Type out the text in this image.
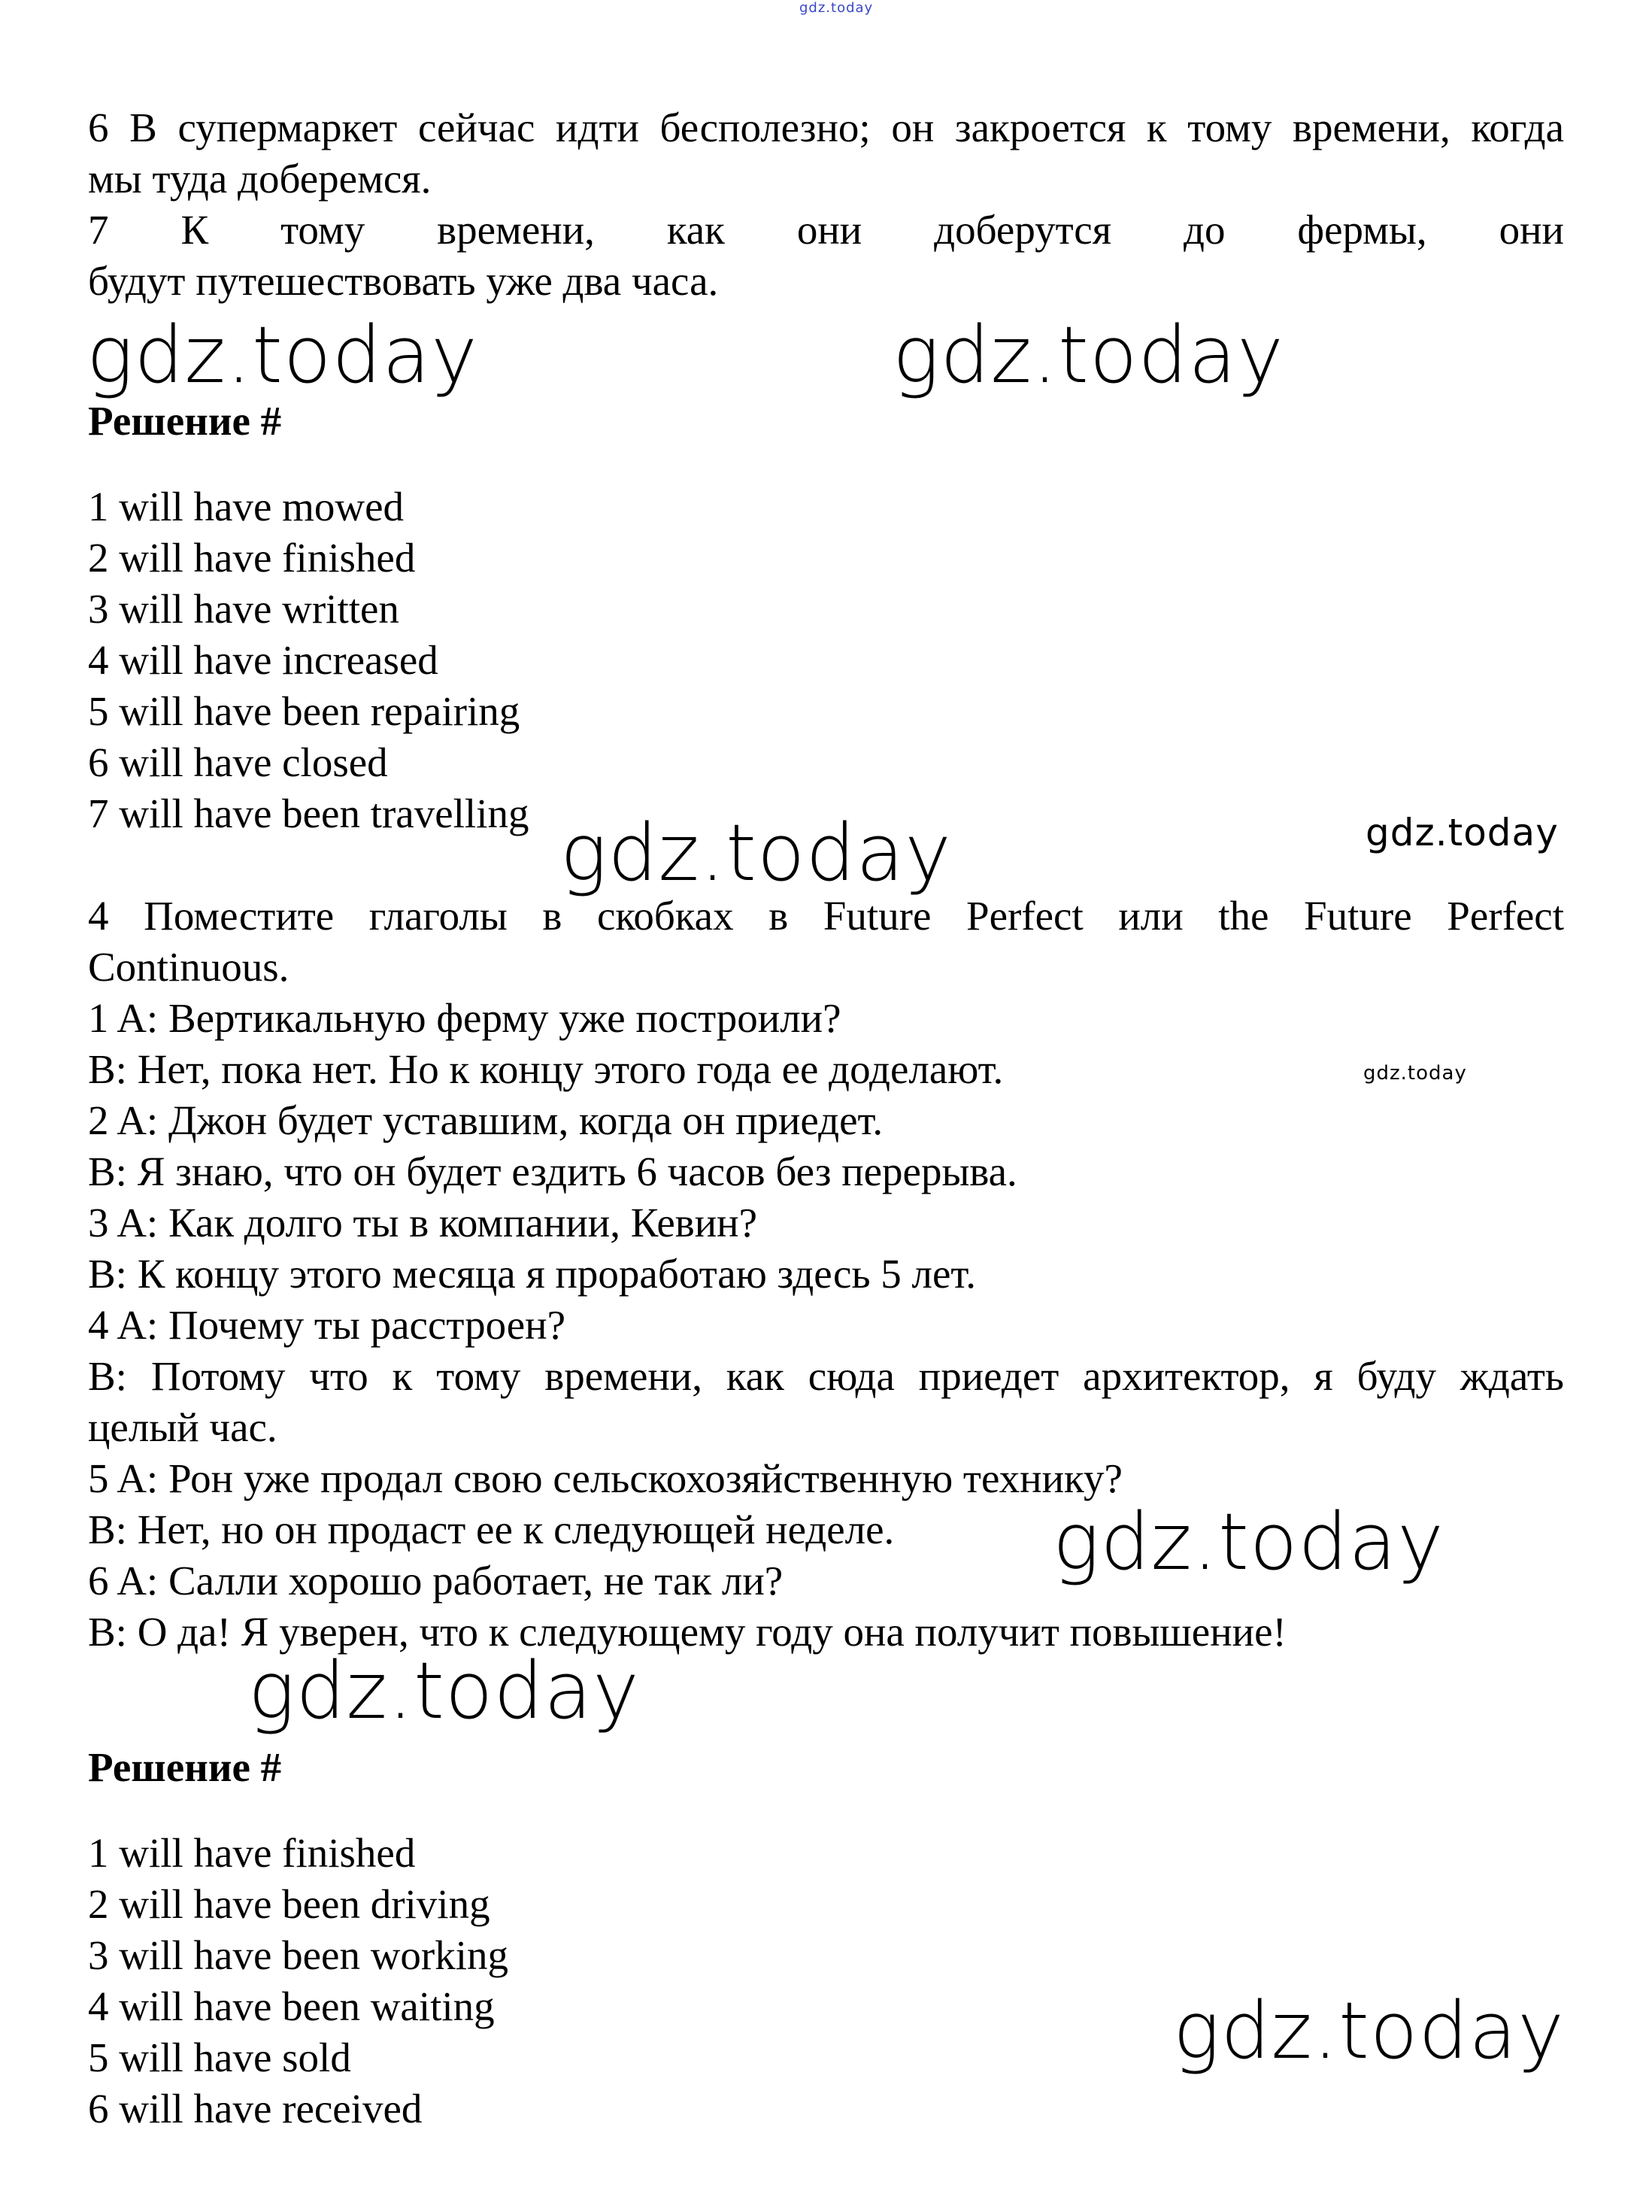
gdz.today
6 В супермаркет сейчас идти бесполезно; он закроется к тому времени, когда
мы туда доберемся.
7 К тому времени, как они доберутся до фермы, они
будут путешествовать уже два часа.
gdz.today	gdz.today
Решение #
1 will have mowed
2 will have finished
3 will have written
4 will have increased
5 will have been repairing
6 will have closed
7 will have been travelling gdz.today	gdz.today
4 Поместите глаголы в скобках в Future Perfect или the Future Perfect
Continuous.
1 A: Вертикальную ферму уже построили?
B: Нет, пока нет. Но к концу этого года ее доделают.	gdz.today
2 A: Джон будет уставшим, когда он приедет.
B: Я знаю, что он будет ездить 6 часов без перерыва.
3 A: Как долго ты в компании, Кевин?
B: К концу этого месяца я проработаю здесь 5 лет.
4 A: Почему ты расстроен?
B: Потому что к тому времени, как сюда приедет архитектор, я буду ждать
целый час.
5 A: Рон уже продал свою сельскохозяйственную технику?
B: Нет, но он продаст ее к следующей неделе. gdz.today
6 A: Салли хорошо работает, не так ли?
B: О да! Я уверен, что к следующему году она получит повышение!
gdz.today
Решение #
1 will have finished
2 will have been driving
3 will have been working
4 will have been waiting
5 will have sold
6 will have received
gdz.today
